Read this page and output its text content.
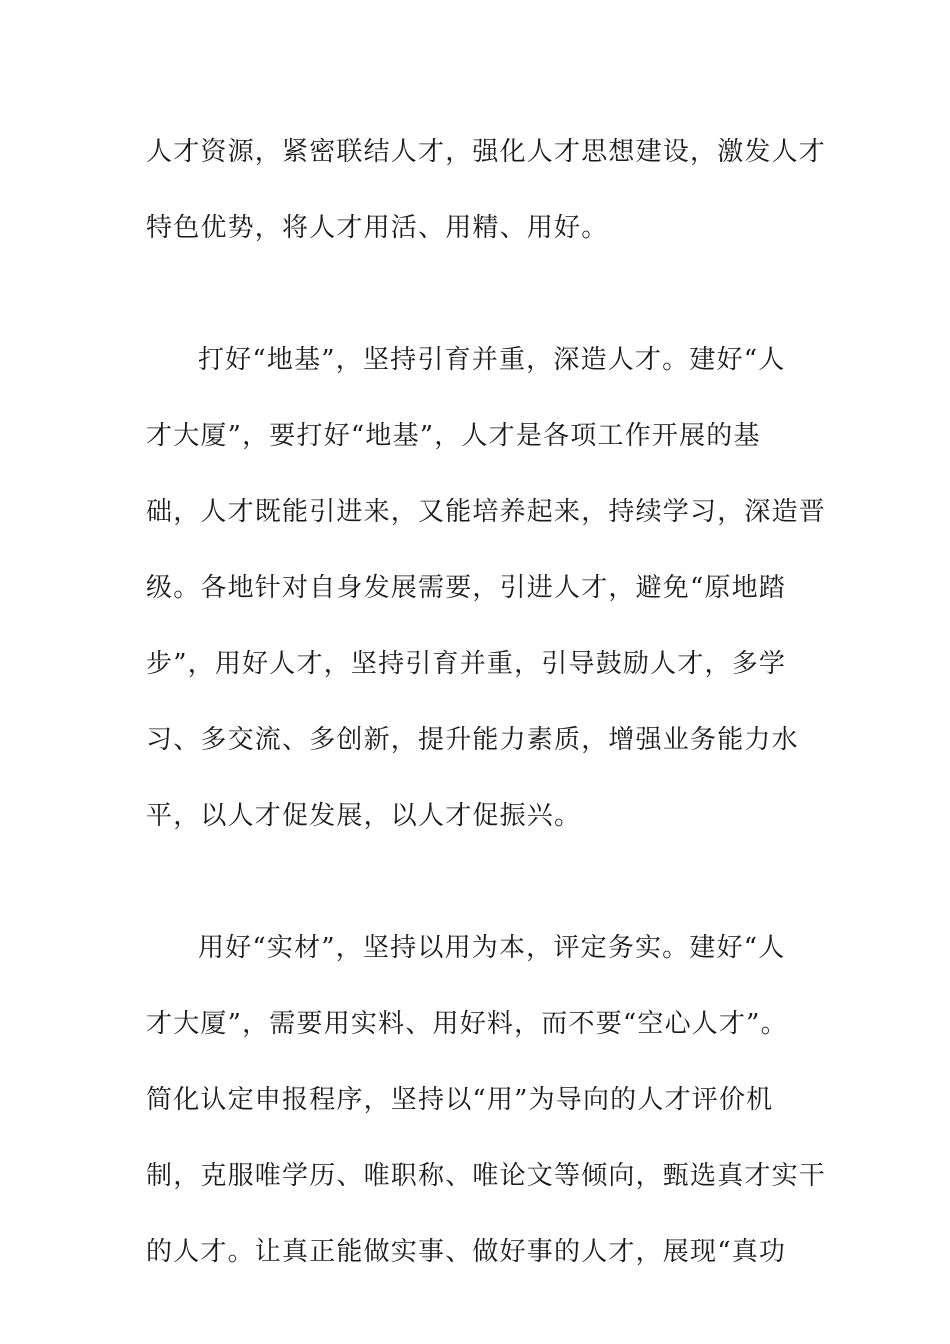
人才资源，紧密联结人才，强化人才思想建设，激发人才
特色优势，将人才用活、用精、用好。
打好“地基”，坚持引育并重，深造人才。建好“人
才大厦”，要打好“地基”，人才是各项工作开展的基
础，人才既能引进来，又能培养起来，持续学习，深造晋
级。各地针对自身发展需要，引进人才，避免“原地踏
步”，用好人才，坚持引育并重，引导鼓励人才，多学
习、多交流、多创新，提升能力素质，增强业务能力水
平，以人才促发展，以人才促振兴。
用好“实材”，坚持以用为本，评定务实。建好“人
才大厦”，需要用实料、用好料，而不要“空心人才”。
简化认定申报程序，坚持以“用”为导向的人才评价机
制，克服唯学历、唯职称、唯论文等倾向，甄选真才实干
的人才。让真正能做实事、做好事的人才，展现“真功
